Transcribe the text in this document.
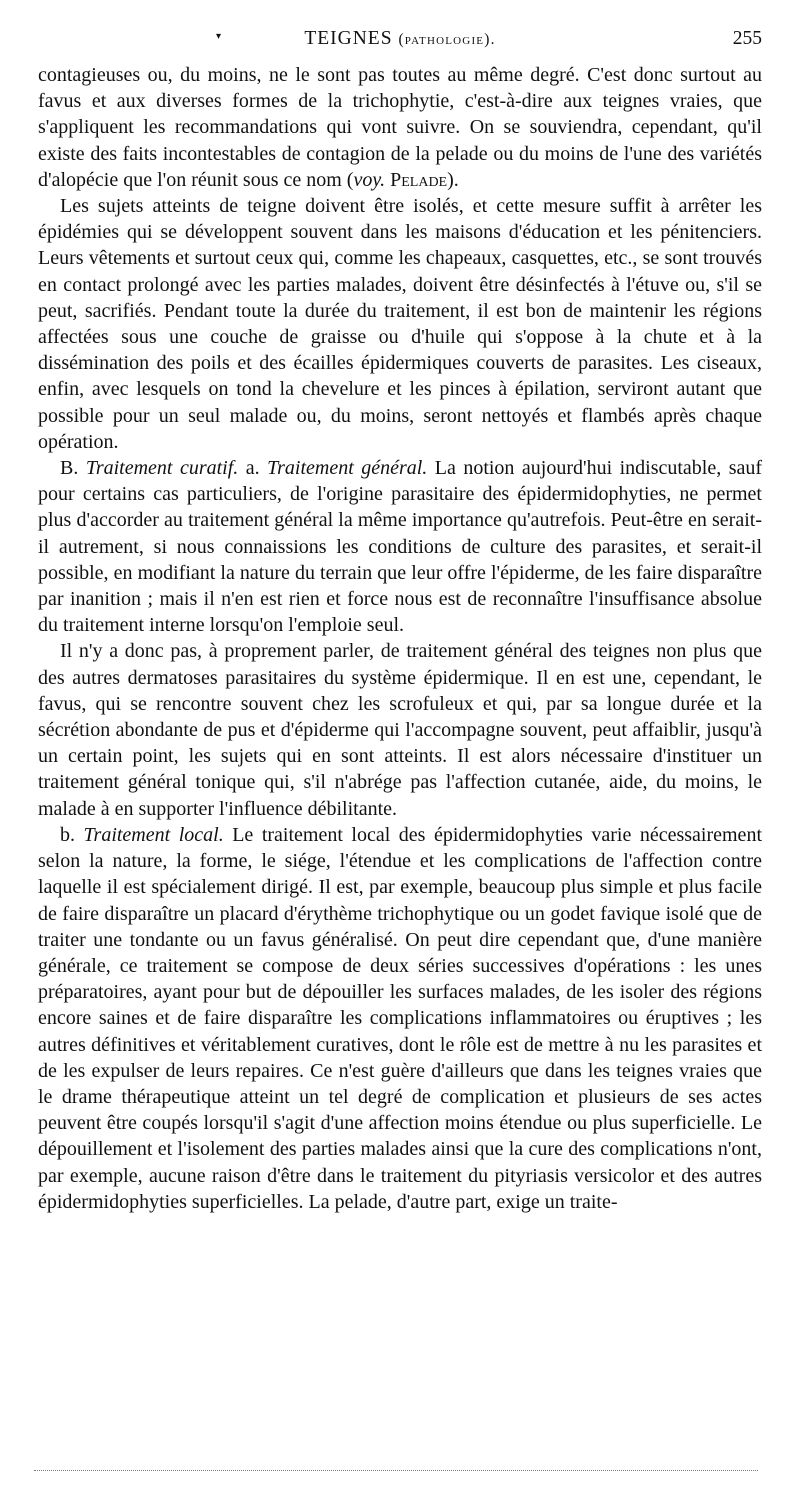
▾	TEIGNES (pathologie).	255

contagieuses ou, du moins, ne le sont pas toutes au même degré. C'est donc surtout au favus et aux diverses formes de la trichophytie, c'est-à-dire aux teignes vraies, que s'appliquent les recommandations qui vont suivre. On se souviendra, cependant, qu'il existe des faits incontestables de contagion de la pelade ou du moins de l'une des variétés d'alopécie que l'on réunit sous ce nom (voy. Pelade).

Les sujets atteints de teigne doivent être isolés, et cette mesure suffit à arrêter les épidémies qui se développent souvent dans les maisons d'éducation et les pénitenciers. Leurs vêtements et surtout ceux qui, comme les chapeaux, casquettes, etc., se sont trouvés en contact prolongé avec les parties malades, doivent être désinfectés à l'étuve ou, s'il se peut, sacrifiés. Pendant toute la durée du traitement, il est bon de maintenir les régions affectées sous une couche de graisse ou d'huile qui s'oppose à la chute et à la dissémination des poils et des écailles épidermiques couverts de parasites. Les ciseaux, enfin, avec lesquels on tond la chevelure et les pinces à épilation, serviront autant que possible pour un seul malade ou, du moins, seront nettoyés et flambés après chaque opération.

B. Traitement curatif. a. Traitement général. La notion aujourd'hui indiscutable, sauf pour certains cas particuliers, de l'origine parasitaire des épidermidophyties, ne permet plus d'accorder au traitement général la même importance qu'autrefois. Peut-être en serait-il autrement, si nous connaissions les conditions de culture des parasites, et serait-il possible, en modifiant la nature du terrain que leur offre l'épiderme, de les faire disparaître par inanition ; mais il n'en est rien et force nous est de reconnaître l'insuffisance absolue du traitement interne lorsqu'on l'emploie seul.

Il n'y a donc pas, à proprement parler, de traitement général des teignes non plus que des autres dermatoses parasitaires du système épidermique. Il en est une, cependant, le favus, qui se rencontre souvent chez les scrofuleux et qui, par sa longue durée et la sécrétion abondante de pus et d'épiderme qui l'accompagne souvent, peut affaiblir, jusqu'à un certain point, les sujets qui en sont atteints. Il est alors nécessaire d'instituer un traitement général tonique qui, s'il n'abrége pas l'affection cutanée, aide, du moins, le malade à en supporter l'influence débilitante.

b. Traitement local. Le traitement local des épidermidophyties varie nécessairement selon la nature, la forme, le siége, l'étendue et les complications de l'affection contre laquelle il est spécialement dirigé. Il est, par exemple, beaucoup plus simple et plus facile de faire disparaître un placard d'érythème trichophytique ou un godet favique isolé que de traiter une tondante ou un favus généralisé. On peut dire cependant que, d'une manière générale, ce traitement se compose de deux séries successives d'opérations : les unes préparatoires, ayant pour but de dépouiller les surfaces malades, de les isoler des régions encore saines et de faire disparaître les complications inflammatoires ou éruptives ; les autres définitives et véritablement curatives, dont le rôle est de mettre à nu les parasites et de les expulser de leurs repaires. Ce n'est guère d'ailleurs que dans les teignes vraies que le drame thérapeutique atteint un tel degré de complication et plusieurs de ses actes peuvent être coupés lorsqu'il s'agit d'une affection moins étendue ou plus superficielle. Le dépouillement et l'isolement des parties malades ainsi que la cure des complications n'ont, par exemple, aucune raison d'être dans le traitement du pityriasis versicolor et des autres épidermidophyties superficielles. La pelade, d'autre part, exige un traite-
